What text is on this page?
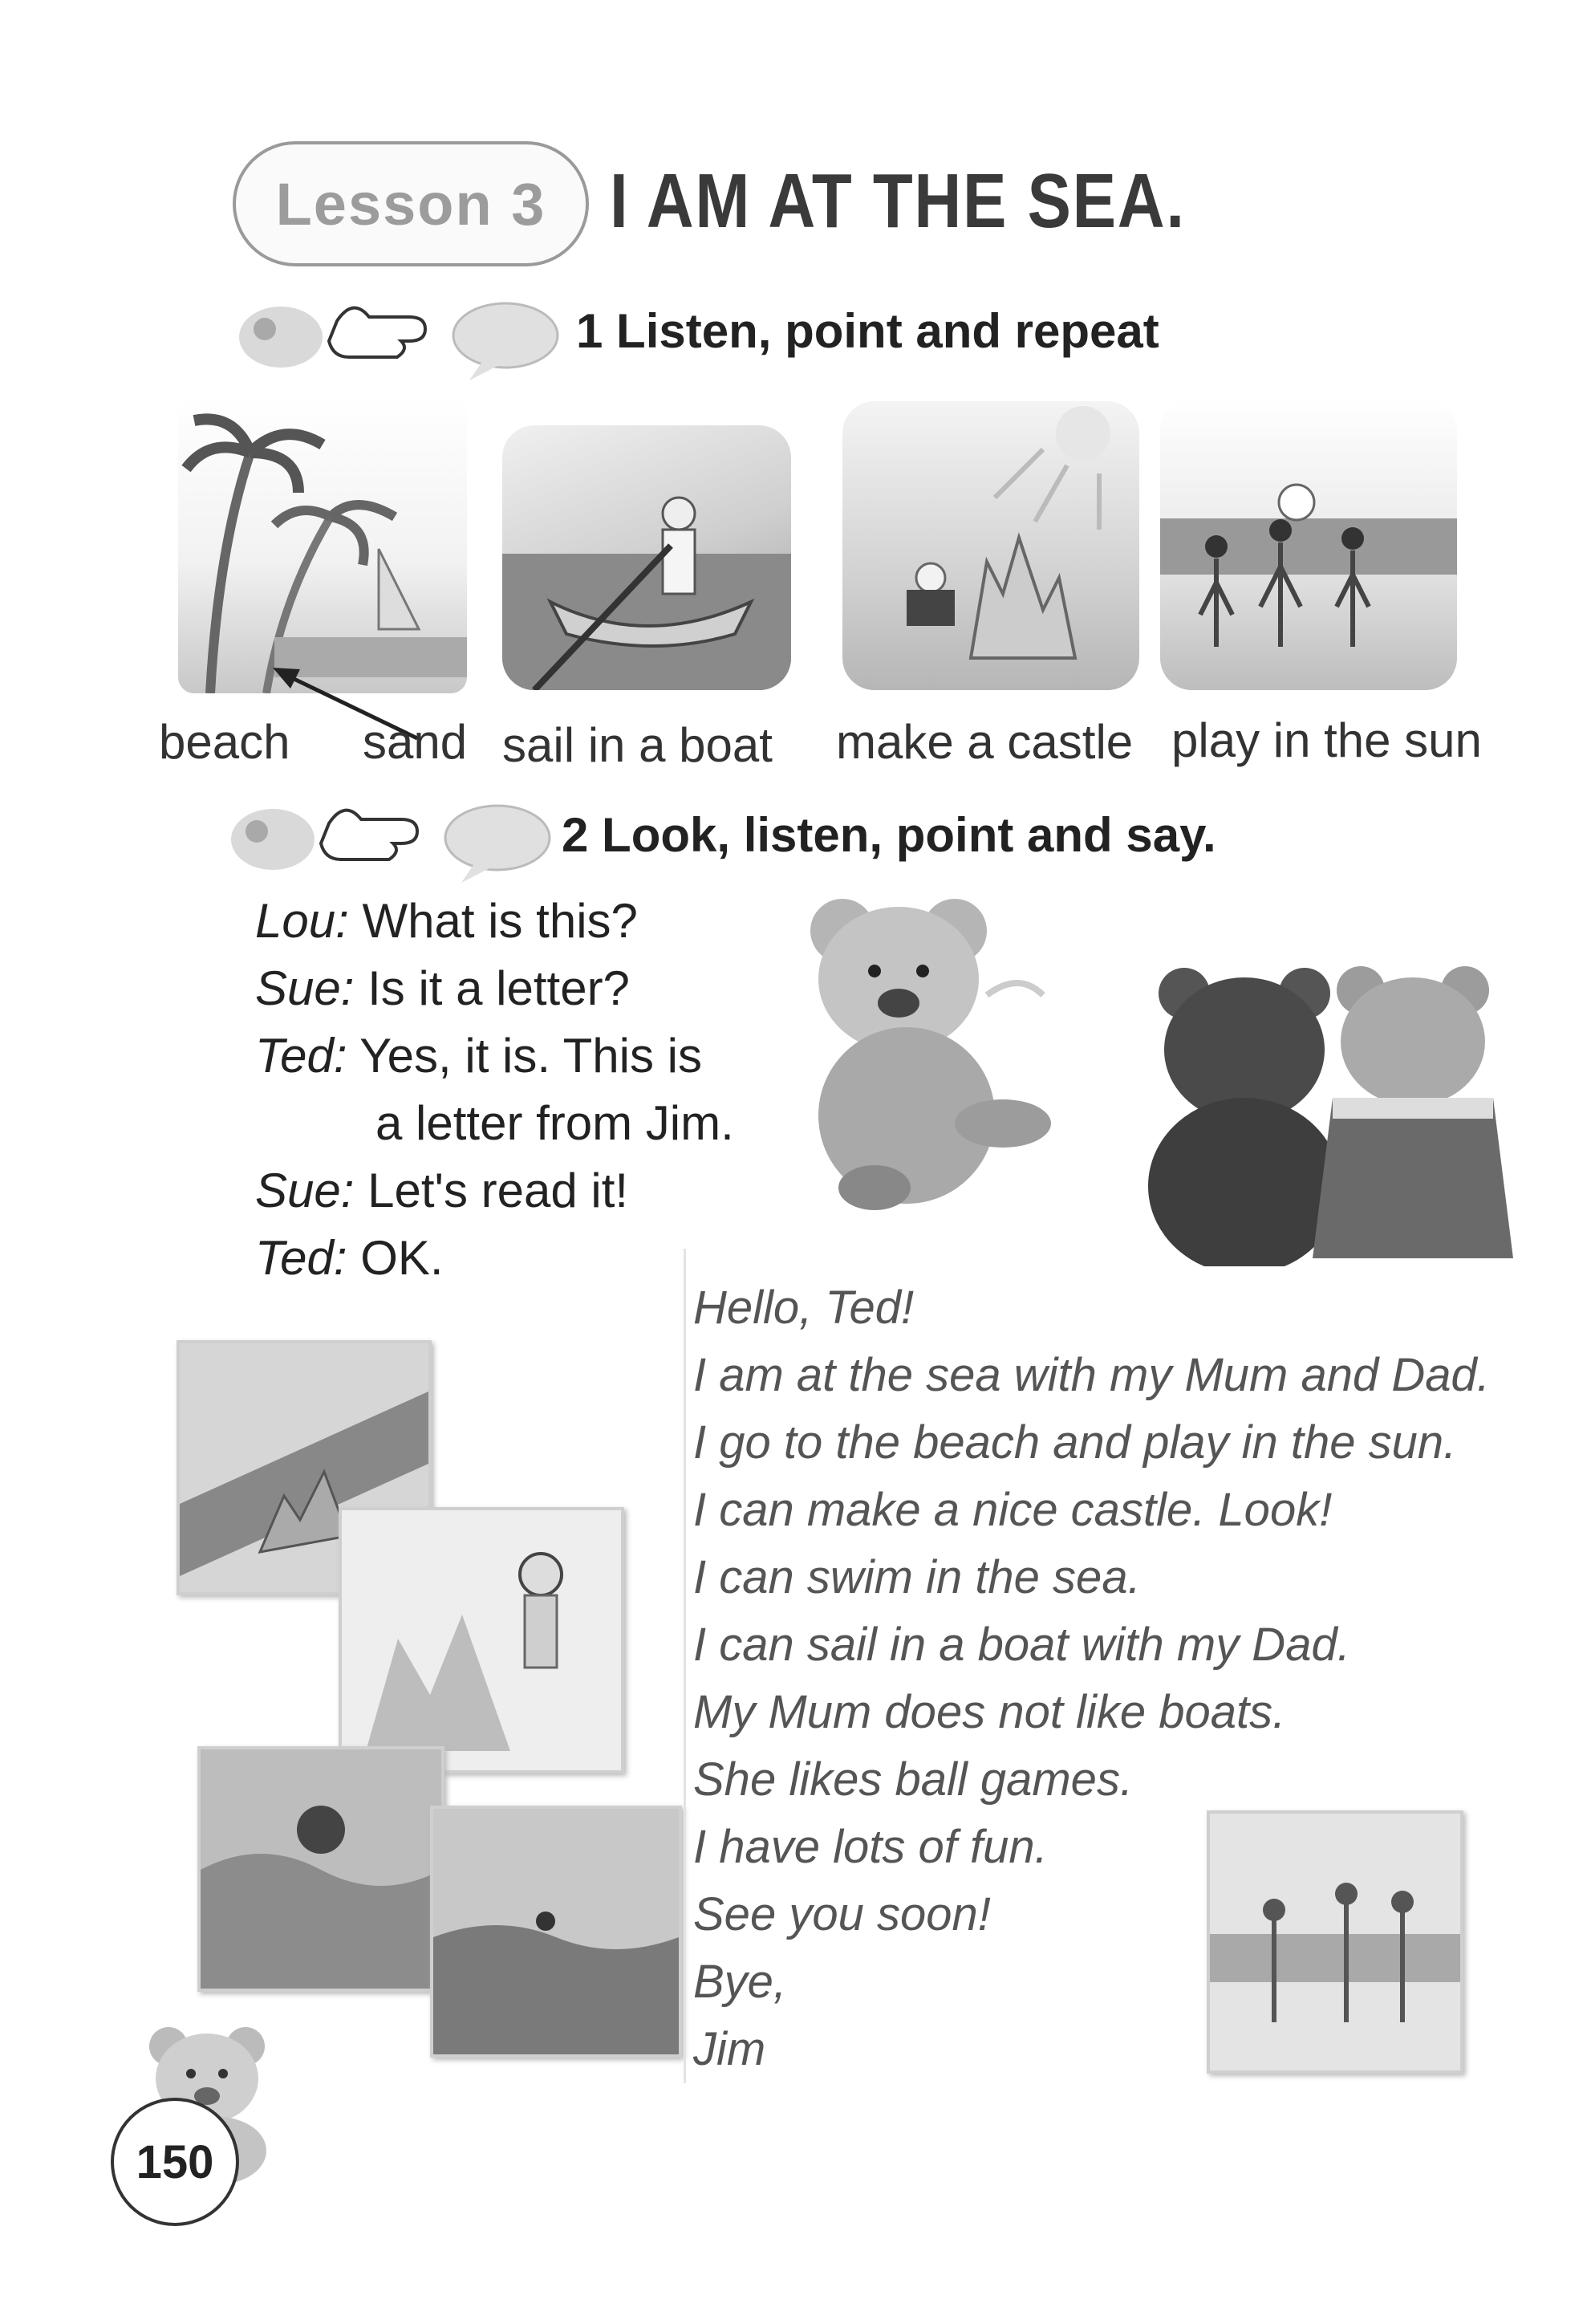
Lesson 3 I AM AT THE SEA.
1 Listen, point and repeat
beach sand sail in a boat make a castle play in the sun
2 Look, listen, point and say.
Lou: What is this?
Sue: Is it a letter?
Ted: Yes, it is. This is
a letter from Jim.
Sue: Let's read it!
Ted: OK.
Hello, Ted!
I am at the sea with my Mum and Dad.
I go to the beach and play in the sun.
I can make a nice castle. Look!
I can swim in the sea.
I can sail in a boat with my Dad.
My Mum does not like boats.
She likes ball games.
I have lots of fun.
See you soon!
Bye,
Jim
150
